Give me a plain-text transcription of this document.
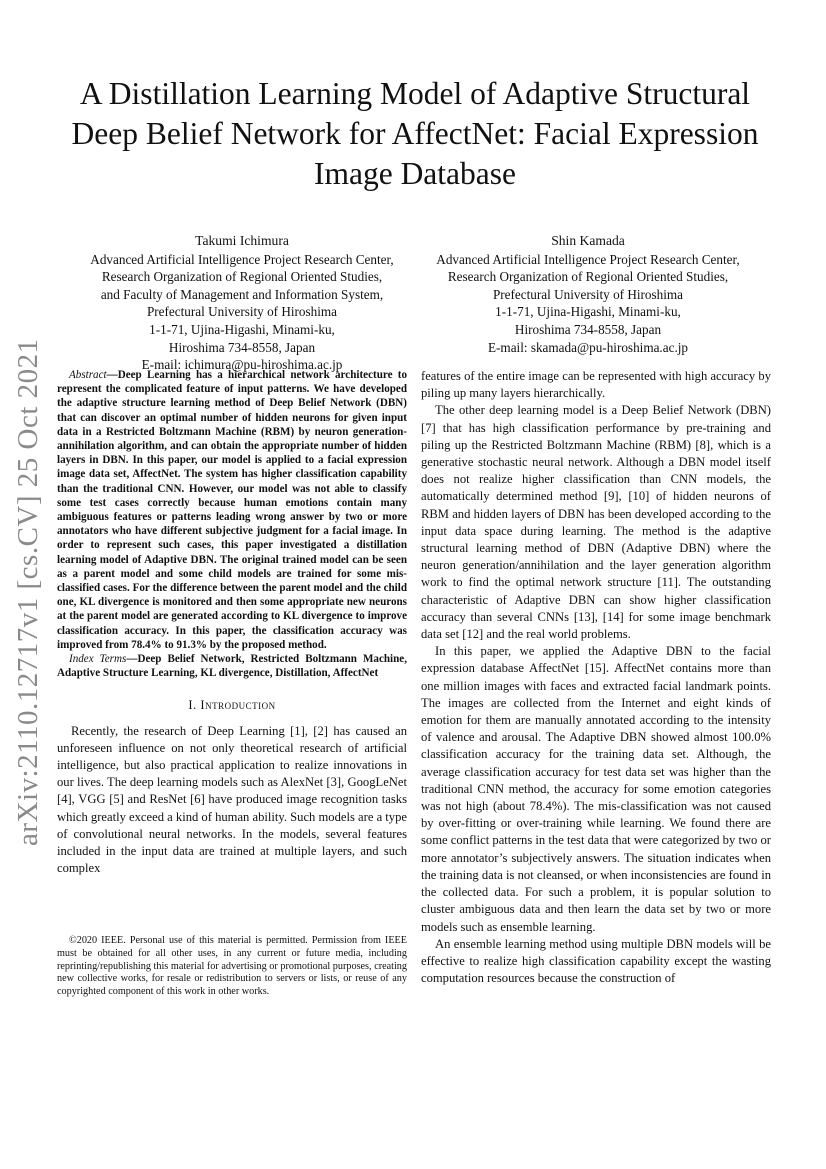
A Distillation Learning Model of Adaptive Structural Deep Belief Network for AffectNet: Facial Expression Image Database
Takumi Ichimura
Advanced Artificial Intelligence Project Research Center,
Research Organization of Regional Oriented Studies,
and Faculty of Management and Information System,
Prefectural University of Hiroshima
1-1-71, Ujina-Higashi, Minami-ku,
Hiroshima 734-8558, Japan
E-mail: ichimura@pu-hiroshima.ac.jp
Shin Kamada
Advanced Artificial Intelligence Project Research Center,
Research Organization of Regional Oriented Studies,
Prefectural University of Hiroshima
1-1-71, Ujina-Higashi, Minami-ku,
Hiroshima 734-8558, Japan
E-mail: skamada@pu-hiroshima.ac.jp
arXiv:2110.12717v1 [cs.CV] 25 Oct 2021	Abstract—Deep Learning has a hierarchical network architecture to represent the complicated feature of input patterns. We have developed the adaptive structure learning method of Deep Belief Network (DBN) that can discover an optimal number of hidden neurons for given input data in a Restricted Boltzmann Machine (RBM) by neuron generation-annihilation algorithm, and can obtain the appropriate number of hidden layers in DBN. In this paper, our model is applied to a facial expression image data set, AffectNet. The system has higher classification capability than the traditional CNN. However, our model was not able to classify some test cases correctly because human emotions contain many ambiguous features or patterns leading wrong answer by two or more annotators who have different subjective judgment for a facial image. In order to represent such cases, this paper investigated a distillation learning model of Adaptive DBN. The original trained model can be seen as a parent model and some child models are trained for some mis-classified cases. For the difference between the parent model and the child one, KL divergence is monitored and then some appropriate new neurons at the parent model are generated according to KL divergence to improve classification accuracy. In this paper, the classification accuracy was improved from 78.4% to 91.3% by the proposed method.

Index Terms—Deep Belief Network, Restricted Boltzmann Machine, Adaptive Structure Learning, KL divergence, Distillation, AffectNet

I. Introduction

Recently, the research of Deep Learning [1], [2] has caused an unforeseen influence on not only theoretical research of artificial intelligence, but also practical application to realize innovations in our lives. The deep learning models such as AlexNet [3], GoogLeNet [4], VGG [5] and ResNet [6] have produced image recognition tasks which greatly exceed a kind of human ability. Such models are a type of convolutional neural networks. In the models, several features included in the input data are trained at multiple layers, and such complex

©2020 IEEE. Personal use of this material is permitted. Permission from IEEE must be obtained for all other uses, in any current or future media, including reprinting/republishing this material for advertising or promotional purposes, creating new collective works, for resale or redistribution to servers or lists, or reuse of any copyrighted component of this work in other works.

features of the entire image can be represented with high accuracy by piling up many layers hierarchically.

The other deep learning model is a Deep Belief Network (DBN) [7] that has high classification performance by pre-training and piling up the Restricted Boltzmann Machine (RBM) [8], which is a generative stochastic neural network. Although a DBN model itself does not realize higher classification than CNN models, the automatically determined method [9], [10] of hidden neurons of RBM and hidden layers of DBN has been developed according to the input data space during learning. The method is the adaptive structural learning method of DBN (Adaptive DBN) where the neuron generation/annihilation and the layer generation algorithm work to find the optimal network structure [11]. The outstanding characteristic of Adaptive DBN can show higher classification accuracy than several CNNs [13], [14] for some image benchmark data set [12] and the real world problems.

In this paper, we applied the Adaptive DBN to the facial expression database AffectNet [15]. AffectNet contains more than one million images with faces and extracted facial landmark points. The images are collected from the Internet and eight kinds of emotion for them are manually annotated according to the intensity of valence and arousal. The Adaptive DBN showed almost 100.0% classification accuracy for the training data set. Although, the average classification accuracy for test data set was higher than the traditional CNN method, the accuracy for some emotion categories was not high (about 78.4%). The mis-classification was not caused by over-fitting or over-training while learning. We found there are some conflict patterns in the test data that were categorized by two or more annotator’s subjectively answers. The situation indicates when the training data is not cleansed, or when inconsistencies are found in the collected data. For such a problem, it is popular solution to cluster ambiguous data and then learn the data set by two or more models such as ensemble learning.

An ensemble learning method using multiple DBN models will be effective to realize high classification capability except the wasting computation resources because the construction of
